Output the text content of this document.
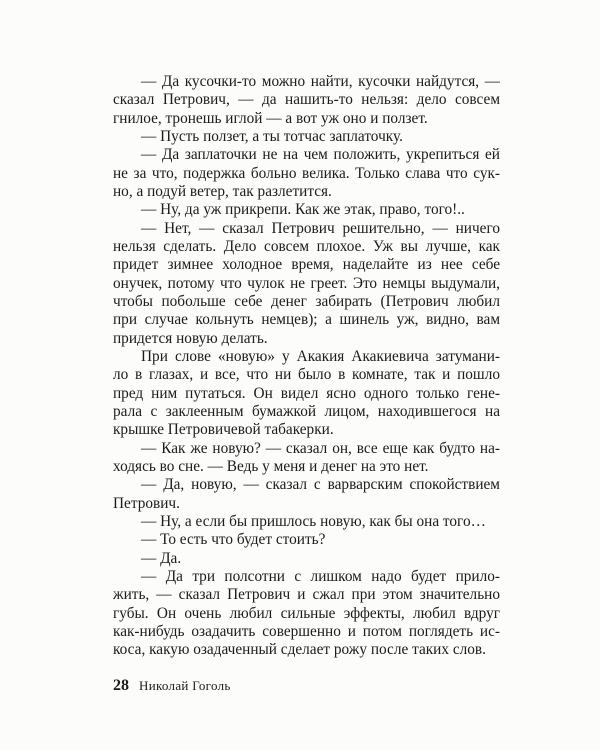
— Да кусочки-то можно найти, кусочки найдутся, —
сказал Петрович, — да нашить-то нельзя: дело совсем
гнилое, тронешь иглой — а вот уж оно и ползет.
— Пусть ползет, а ты тотчас заплаточку.
— Да заплаточки не на чем положить, укрепиться ей
не за что, подержка больно велика. Только слава что сук-
но, а подуй ветер, так разлетится.
— Ну, да уж прикрепи. Как же этак, право, того!..
— Нет, — сказал Петрович решительно, — ничего
нельзя сделать. Дело совсем плохое. Уж вы лучше, как
придет зимнее холодное время, наделайте из нее себе
онучек, потому что чулок не греет. Это немцы выдумали,
чтобы побольше себе денег забирать (Петрович любил
при случае кольнуть немцев); а шинель уж, видно, вам
придется новую делать.
При слове «новую» у Акакия Акакиевича затумани-
ло в глазах, и все, что ни было в комнате, так и пошло
пред ним путаться. Он видел ясно одного только гене-
рала с заклеенным бумажкой лицом, находившегося на
крышке Петровичевой табакерки.
— Как же новую? — сказал он, все еще как будто на-
ходясь во сне. — Ведь у меня и денег на это нет.
— Да, новую, — сказал с варварским спокойствием
Петрович.
— Ну, а если бы пришлось новую, как бы она того…
— То есть что будет стоить?
— Да.
— Да три полсотни с лишком надо будет прило-
жить, — сказал Петрович и сжал при этом значительно
губы. Он очень любил сильные эффекты, любил вдруг
как-нибудь озадачить совершенно и потом поглядеть ис-
коса, какую озадаченный сделает рожу после таких слов.
28 Николай Гоголь
